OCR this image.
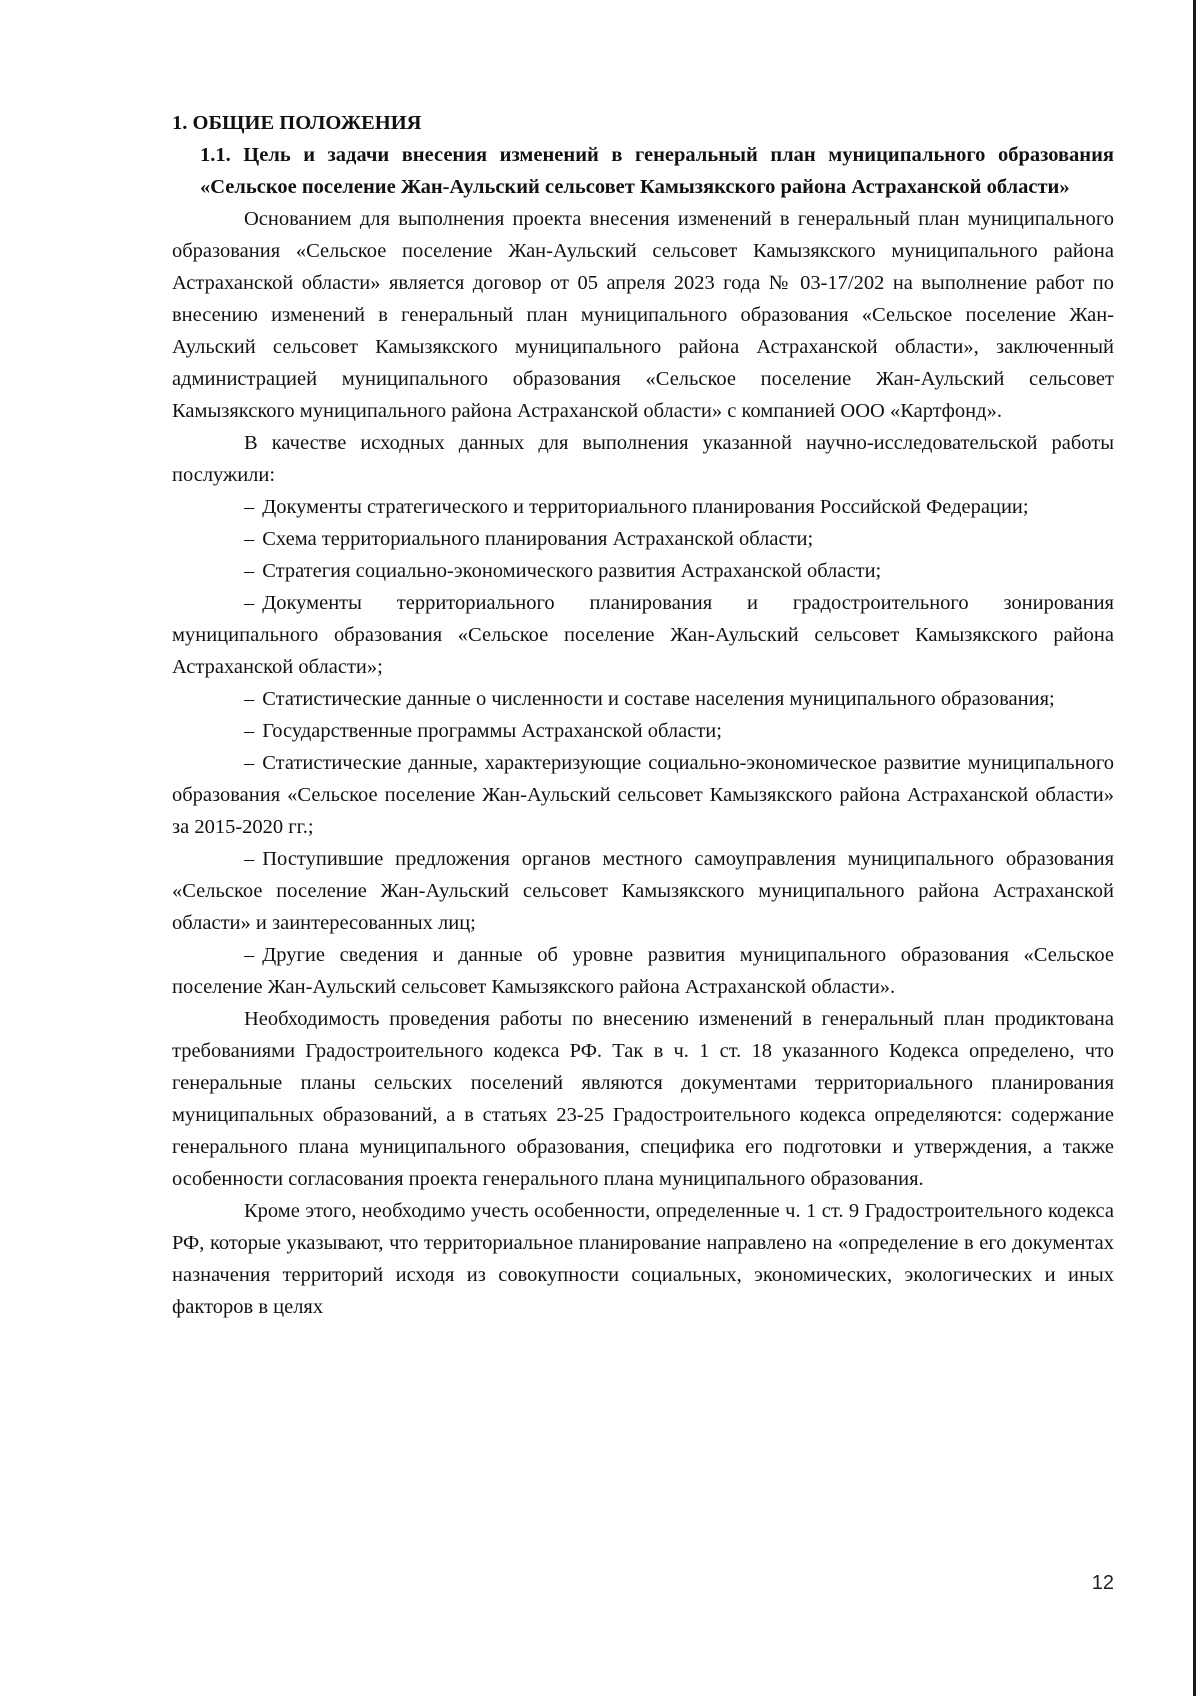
1. ОБЩИЕ ПОЛОЖЕНИЯ
1.1. Цель и задачи внесения изменений в генеральный план муниципального образования «Сельское поселение Жан-Аульский сельсовет Камызякского района Астраханской области»

Основанием для выполнения проекта внесения изменений в генеральный план муниципального образования «Сельское поселение Жан-Аульский сельсовет Камызякского муниципального района Астраханской области» является договор от 05 апреля 2023 года № 03-17/202 на выполнение работ по внесению изменений в генеральный план муниципального образования «Сельское поселение Жан-Аульский сельсовет Камызякского муниципального района Астраханской области», заключенный администрацией муниципального образования «Сельское поселение Жан-Аульский сельсовет Камызякского муниципального района Астраханской области» с компанией ООО «Картфонд».

В качестве исходных данных для выполнения указанной научно-исследовательской работы послужили:

– Документы стратегического и территориального планирования Российской Федерации;

– Схема территориального планирования Астраханской области;

– Стратегия социально-экономического развития Астраханской области;

– Документы территориального планирования и градостроительного зонирования муниципального образования «Сельское поселение Жан-Аульский сельсовет Камызякского района Астраханской области»;

– Статистические данные о численности и составе населения муниципального образования;

– Государственные программы Астраханской области;

– Статистические данные, характеризующие социально-экономическое развитие муниципального образования «Сельское поселение Жан-Аульский сельсовет Камызякского района Астраханской области» за 2015-2020 гг.;

– Поступившие предложения органов местного самоуправления муниципального образования «Сельское поселение Жан-Аульский сельсовет Камызякского муниципального района Астраханской области» и заинтересованных лиц;

– Другие сведения и данные об уровне развития муниципального образования «Сельское поселение Жан-Аульский сельсовет Камызякского района Астраханской области».

Необходимость проведения работы по внесению изменений в генеральный план продиктована требованиями Градостроительного кодекса РФ. Так в ч. 1 ст. 18 указанного Кодекса определено, что генеральные планы сельских поселений являются документами территориального планирования муниципальных образований, а в статьях 23-25 Градостроительного кодекса определяются: содержание генерального плана муниципального образования, специфика его подготовки и утверждения, а также особенности согласования проекта генерального плана муниципального образования.

Кроме этого, необходимо учесть особенности, определенные ч. 1 ст. 9 Градостроительного кодекса РФ, которые указывают, что территориальное планирование направлено на «определение в его документах назначения территорий исходя из совокупности социальных, экономических, экологических и иных факторов в целях

12
